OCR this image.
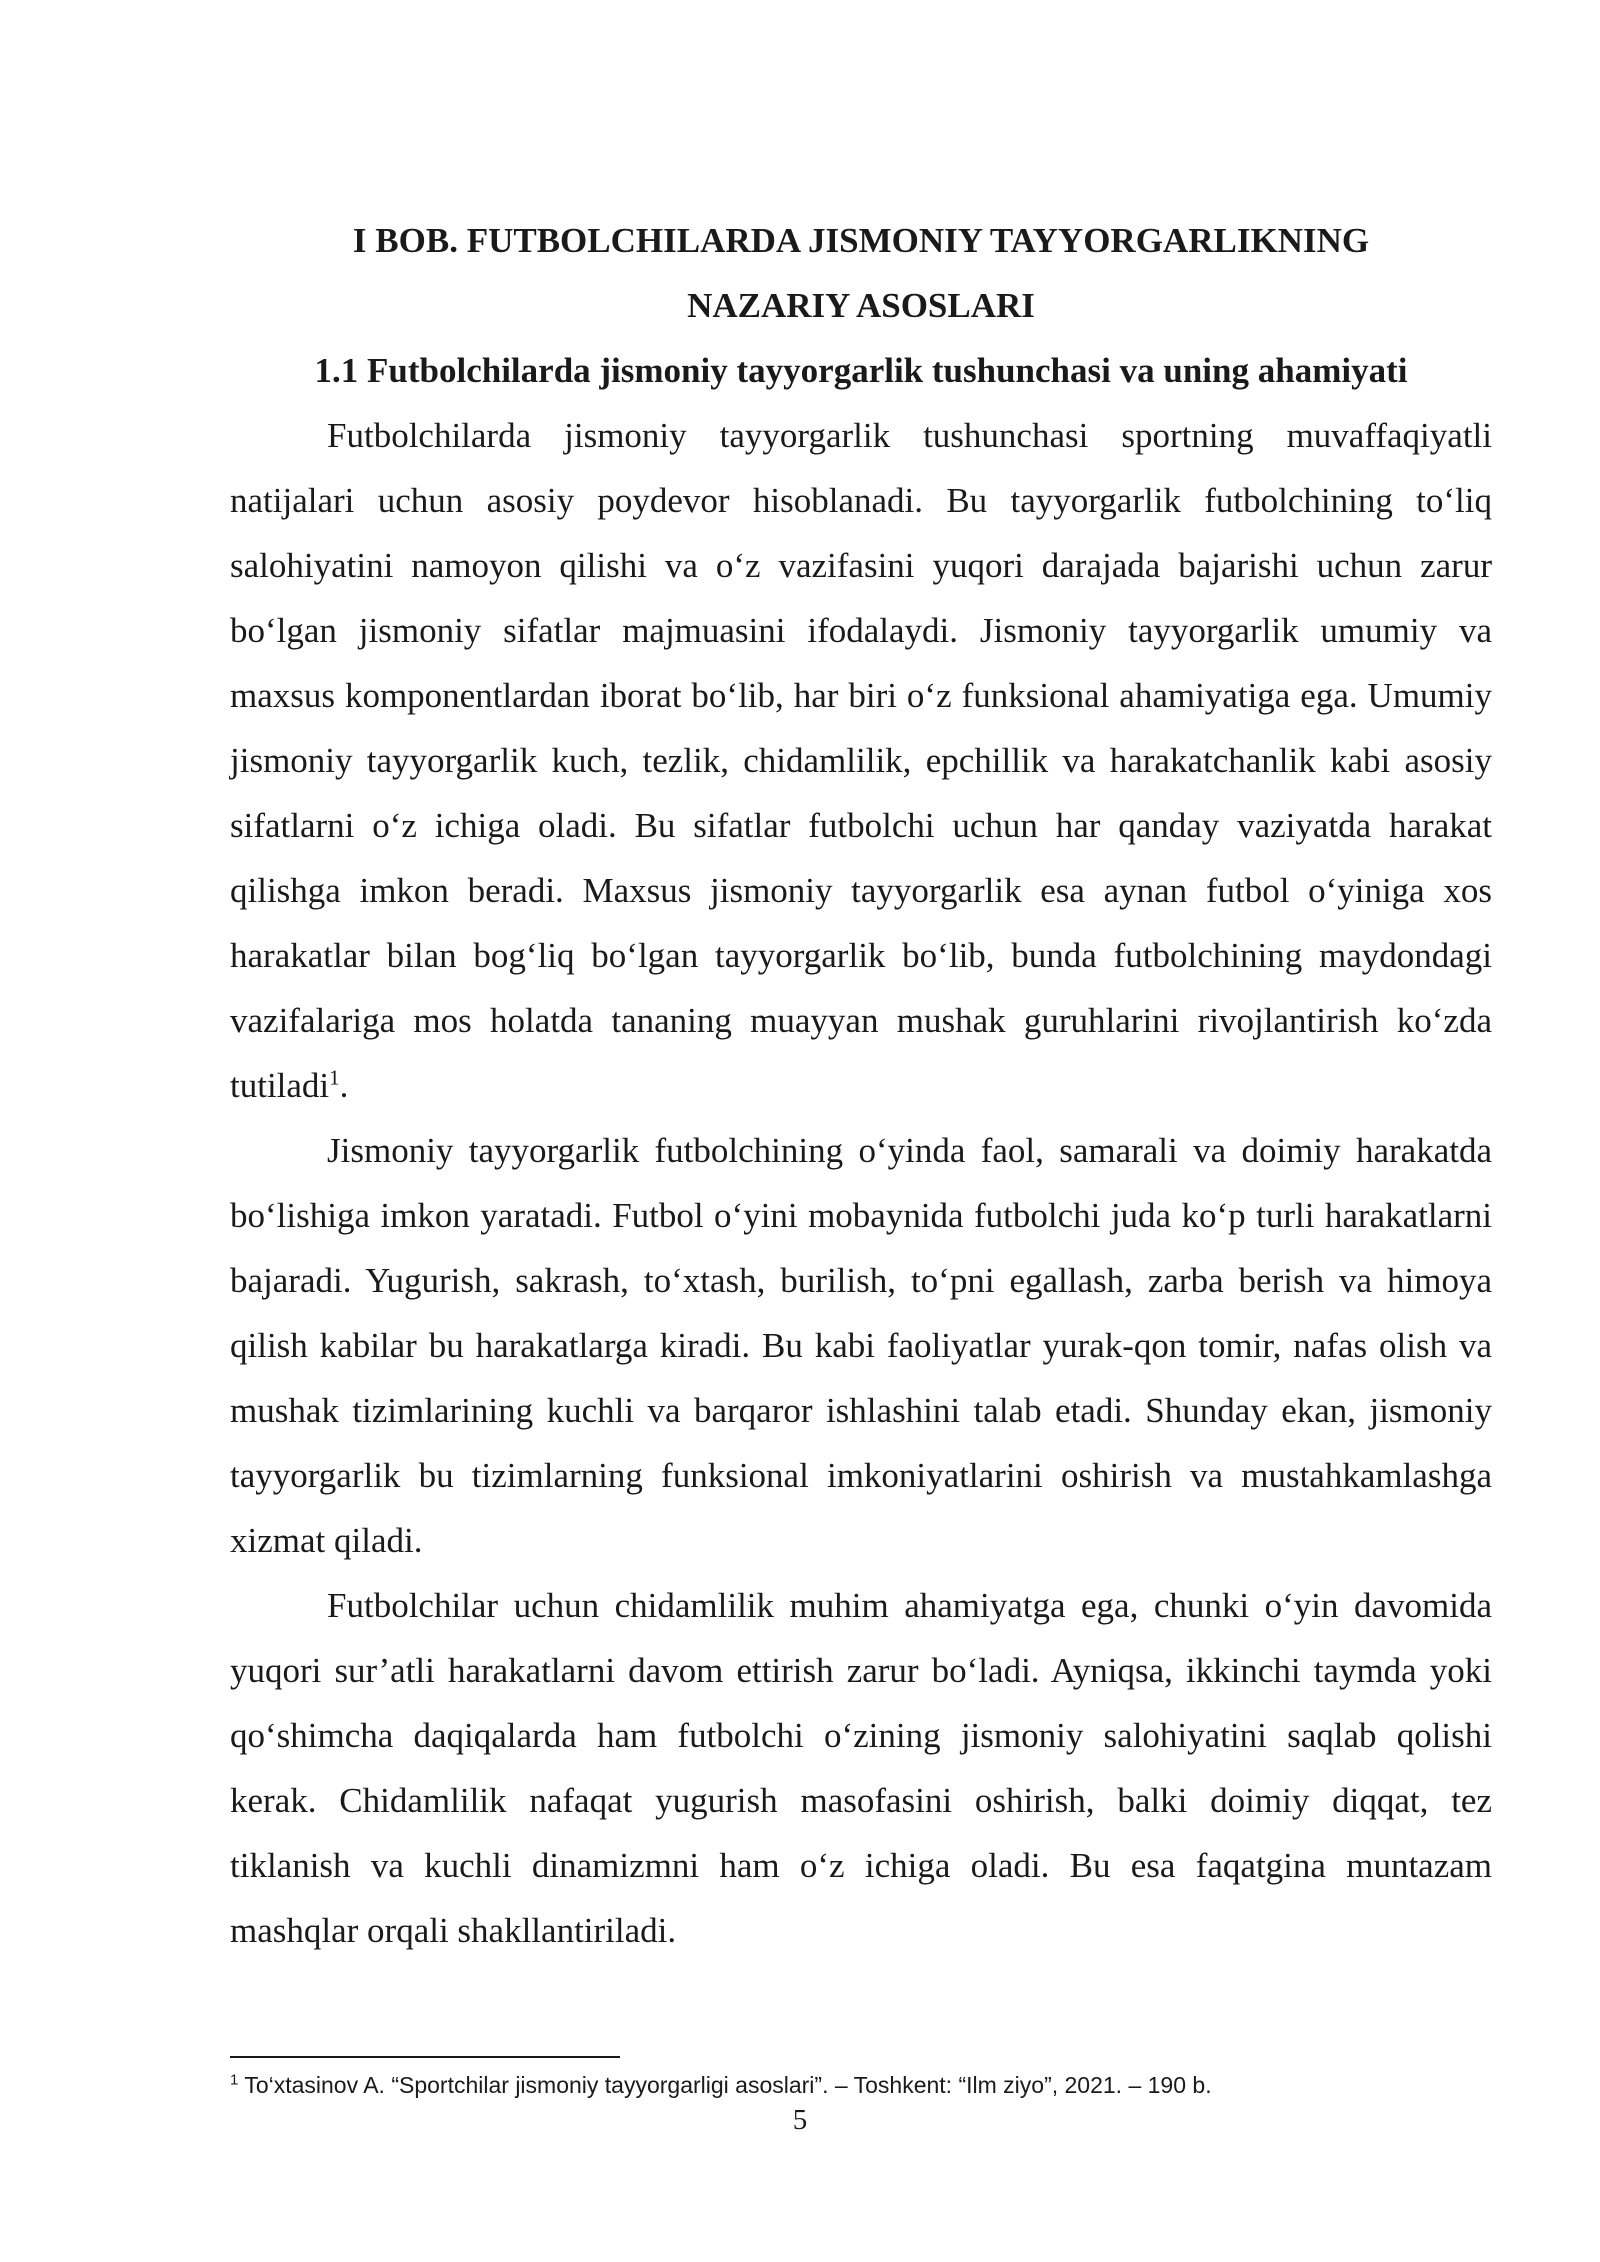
I BOB. FUTBOLCHILARDA JISMONIY TAYYORGARLIKNING
NAZARIY ASOSLARI

1.1 Futbolchilarda jismoniy tayyorgarlik tushunchasi va uning ahamiyati

Futbolchilarda jismoniy tayyorgarlik tushunchasi sportning muvaffaqiyatli natijalari uchun asosiy poydevor hisoblanadi. Bu tayyorgarlik futbolchining to‘liq salohiyatini namoyon qilishi va o‘z vazifasini yuqori darajada bajarishi uchun zarur bo‘lgan jismoniy sifatlar majmuasini ifodalaydi. Jismoniy tayyorgarlik umumiy va maxsus komponentlardan iborat bo‘lib, har biri o‘z funksional ahamiyatiga ega. Umumiy jismoniy tayyorgarlik kuch, tezlik, chidamlilik, epchillik va harakatchanlik kabi asosiy sifatlarni o‘z ichiga oladi. Bu sifatlar futbolchi uchun har qanday vaziyatda harakat qilishga imkon beradi. Maxsus jismoniy tayyorgarlik esa aynan futbol o‘yiniga xos harakatlar bilan bog‘liq bo‘lgan tayyorgarlik bo‘lib, bunda futbolchining maydondagi vazifalariga mos holatda tananing muayyan mushak guruhlarini rivojlantirish ko‘zda tutiladi$^1$.

Jismoniy tayyorgarlik futbolchining o‘yinda faol, samarali va doimiy harakatda bo‘lishiga imkon yaratadi. Futbol o‘yini mobaynida futbolchi juda ko‘p turli harakatlarni bajaradi. Yugurish, sakrash, to‘xtash, burilish, to‘pni egallash, zarba berish va himoya qilish kabilar bu harakatlarga kiradi. Bu kabi faoliyatlar yurak-qon tomir, nafas olish va mushak tizimlarining kuchli va barqaror ishlashini talab etadi. Shunday ekan, jismoniy tayyorgarlik bu tizimlarning funksional imkoniyatlarini oshirish va mustahkamlashga xizmat qiladi.

Futbolchilar uchun chidamlilik muhim ahamiyatga ega, chunki o‘yin davomida yuqori sur’atli harakatlarni davom ettirish zarur bo‘ladi. Ayniqsa, ikkinchi taymda yoki qo‘shimcha daqiqalarda ham futbolchi o‘zining jismoniy salohiyatini saqlab qolishi kerak. Chidamlilik nafaqat yugurish masofasini oshirish, balki doimiy diqqat, tez tiklanish va kuchli dinamizmni ham o‘z ichiga oladi. Bu esa faqatgina muntazam mashqlar orqali shakllantiriladi.

$^1$ To‘xtasinov A. “Sportchilar jismoniy tayyorgarligi asoslari”. – Toshkent: “Ilm ziyo”, 2021. – 190 b.

5
